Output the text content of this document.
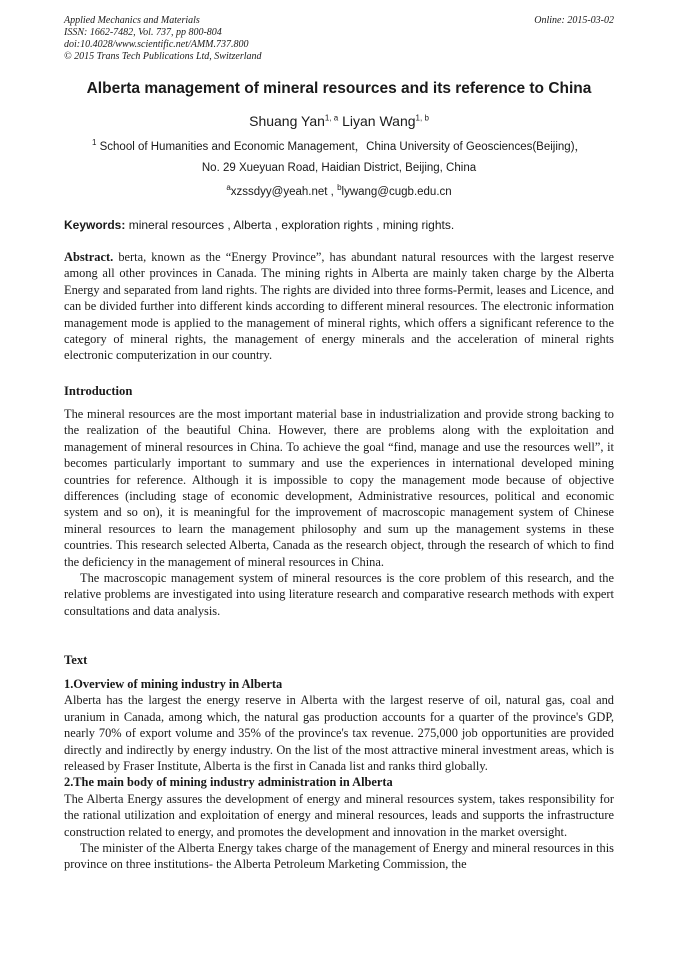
Applied Mechanics and Materials
ISSN: 1662-7482, Vol. 737, pp 800-804
doi:10.4028/www.scientific.net/AMM.737.800
© 2015 Trans Tech Publications Ltd, Switzerland
Online: 2015-03-02
Alberta management of mineral resources and its reference to China
Shuang Yan$^{1, a}$ Liyan Wang$^{1, b}$
$^1$ School of Humanities and Economic Management，China University of Geosciences(Beijing)，
No. 29 Xueyuan Road, Haidian District, Beijing, China
$^a$xzssdyy@yeah.net , $^b$lywang@cugb.edu.cn
Keywords: mineral resources , Alberta , exploration rights , mining rights.

Abstract. berta, known as the “Energy Province”, has abundant natural resources with the largest reserve among all other provinces in Canada. The mining rights in Alberta are mainly taken charge by the Alberta Energy and separated from land rights. The rights are divided into three forms-Permit, leases and Licence, and can be divided further into different kinds according to different mineral resources. The electronic information management mode is applied to the management of mineral rights, which offers a significant reference to the category of mineral rights, the management of energy minerals and the acceleration of mineral rights electronic computerization in our country.

Introduction

The mineral resources are the most important material base in industrialization and provide strong backing to the realization of the beautiful China. However, there are problems along with the exploitation and management of mineral resources in China. To achieve the goal “find, manage and use the resources well”, it becomes particularly important to summary and use the experiences in international developed mining countries for reference. Although it is impossible to copy the management mode because of objective differences (including stage of economic development, Administrative resources, political and economic system and so on), it is meaningful for the improvement of macroscopic management system of Chinese mineral resources to learn the management philosophy and sum up the management systems in these countries. This research selected Alberta, Canada as the research object, through the research of which to find the deficiency in the management of mineral resources in China.

The macroscopic management system of mineral resources is the core problem of this research, and the relative problems are investigated into using literature research and comparative research methods with expert consultations and data analysis.

Text

1.Overview of mining industry in Alberta

Alberta has the largest the energy reserve in Alberta with the largest reserve of oil, natural gas, coal and uranium in Canada, among which, the natural gas production accounts for a quarter of the province's GDP, nearly 70% of export volume and 35% of the province's tax revenue. 275,000 job opportunities are provided directly and indirectly by energy industry. On the list of the most attractive mineral investment areas, which is released by Fraser Institute, Alberta is the first in Canada list and ranks third globally.

2.The main body of mining industry administration in Alberta

The Alberta Energy assures the development of energy and mineral resources system, takes responsibility for the rational utilization and exploitation of energy and mineral resources, leads and supports the infrastructure construction related to energy, and promotes the development and innovation in the market oversight.

The minister of the Alberta Energy takes charge of the management of Energy and mineral resources in this province on three institutions- the Alberta Petroleum Marketing Commission, the
